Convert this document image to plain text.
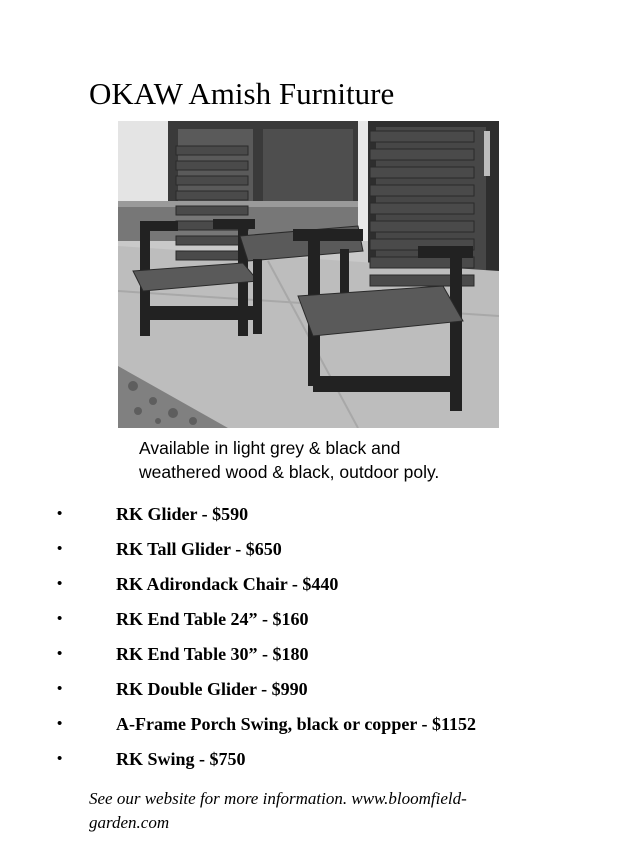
OKAW Amish Furniture
Available in light grey & black and
weathered wood & black, outdoor poly.
•	RK Glider - $590
•	RK Tall Glider - $650
•	RK Adirondack Chair - $440
•	RK End Table 24” - $160
•	RK End Table 30” - $180
•	RK Double Glider - $990
•	A-Frame Porch Swing, black or copper - $1152
•	RK Swing - $750
See our website for more information. www.bloomfield-
garden.com
